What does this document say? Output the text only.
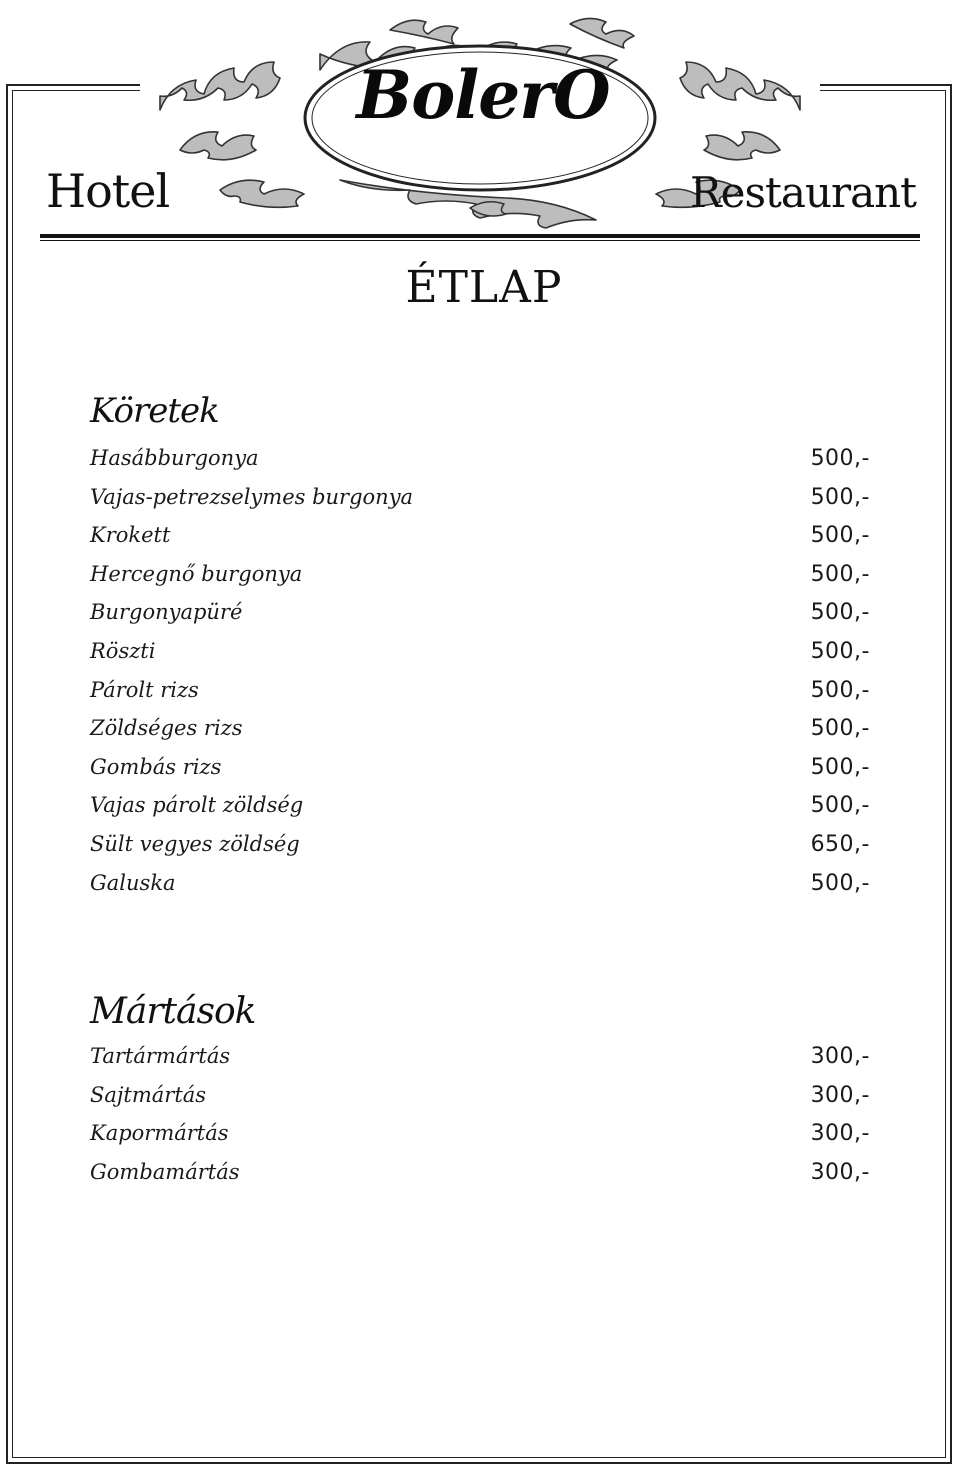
BolerO
Hotel	Restaurant
ÉTLAP
Köretek
Hasábburgonya	500,-
Vajas-petrezselymes burgonya	500,-
Krokett	500,-
Hercegnő burgonya	500,-
Burgonyapüré	500,-
Röszti	500,-
Párolt rizs	500,-
Zöldséges rizs	500,-
Gombás rizs	500,-
Vajas párolt zöldség	500,-
Sült vegyes zöldség	650,-
Galuska	500,-
Mártások
Tartármártás	300,-
Sajtmártás	300,-
Kapormártás	300,-
Gombamártás	300,-
